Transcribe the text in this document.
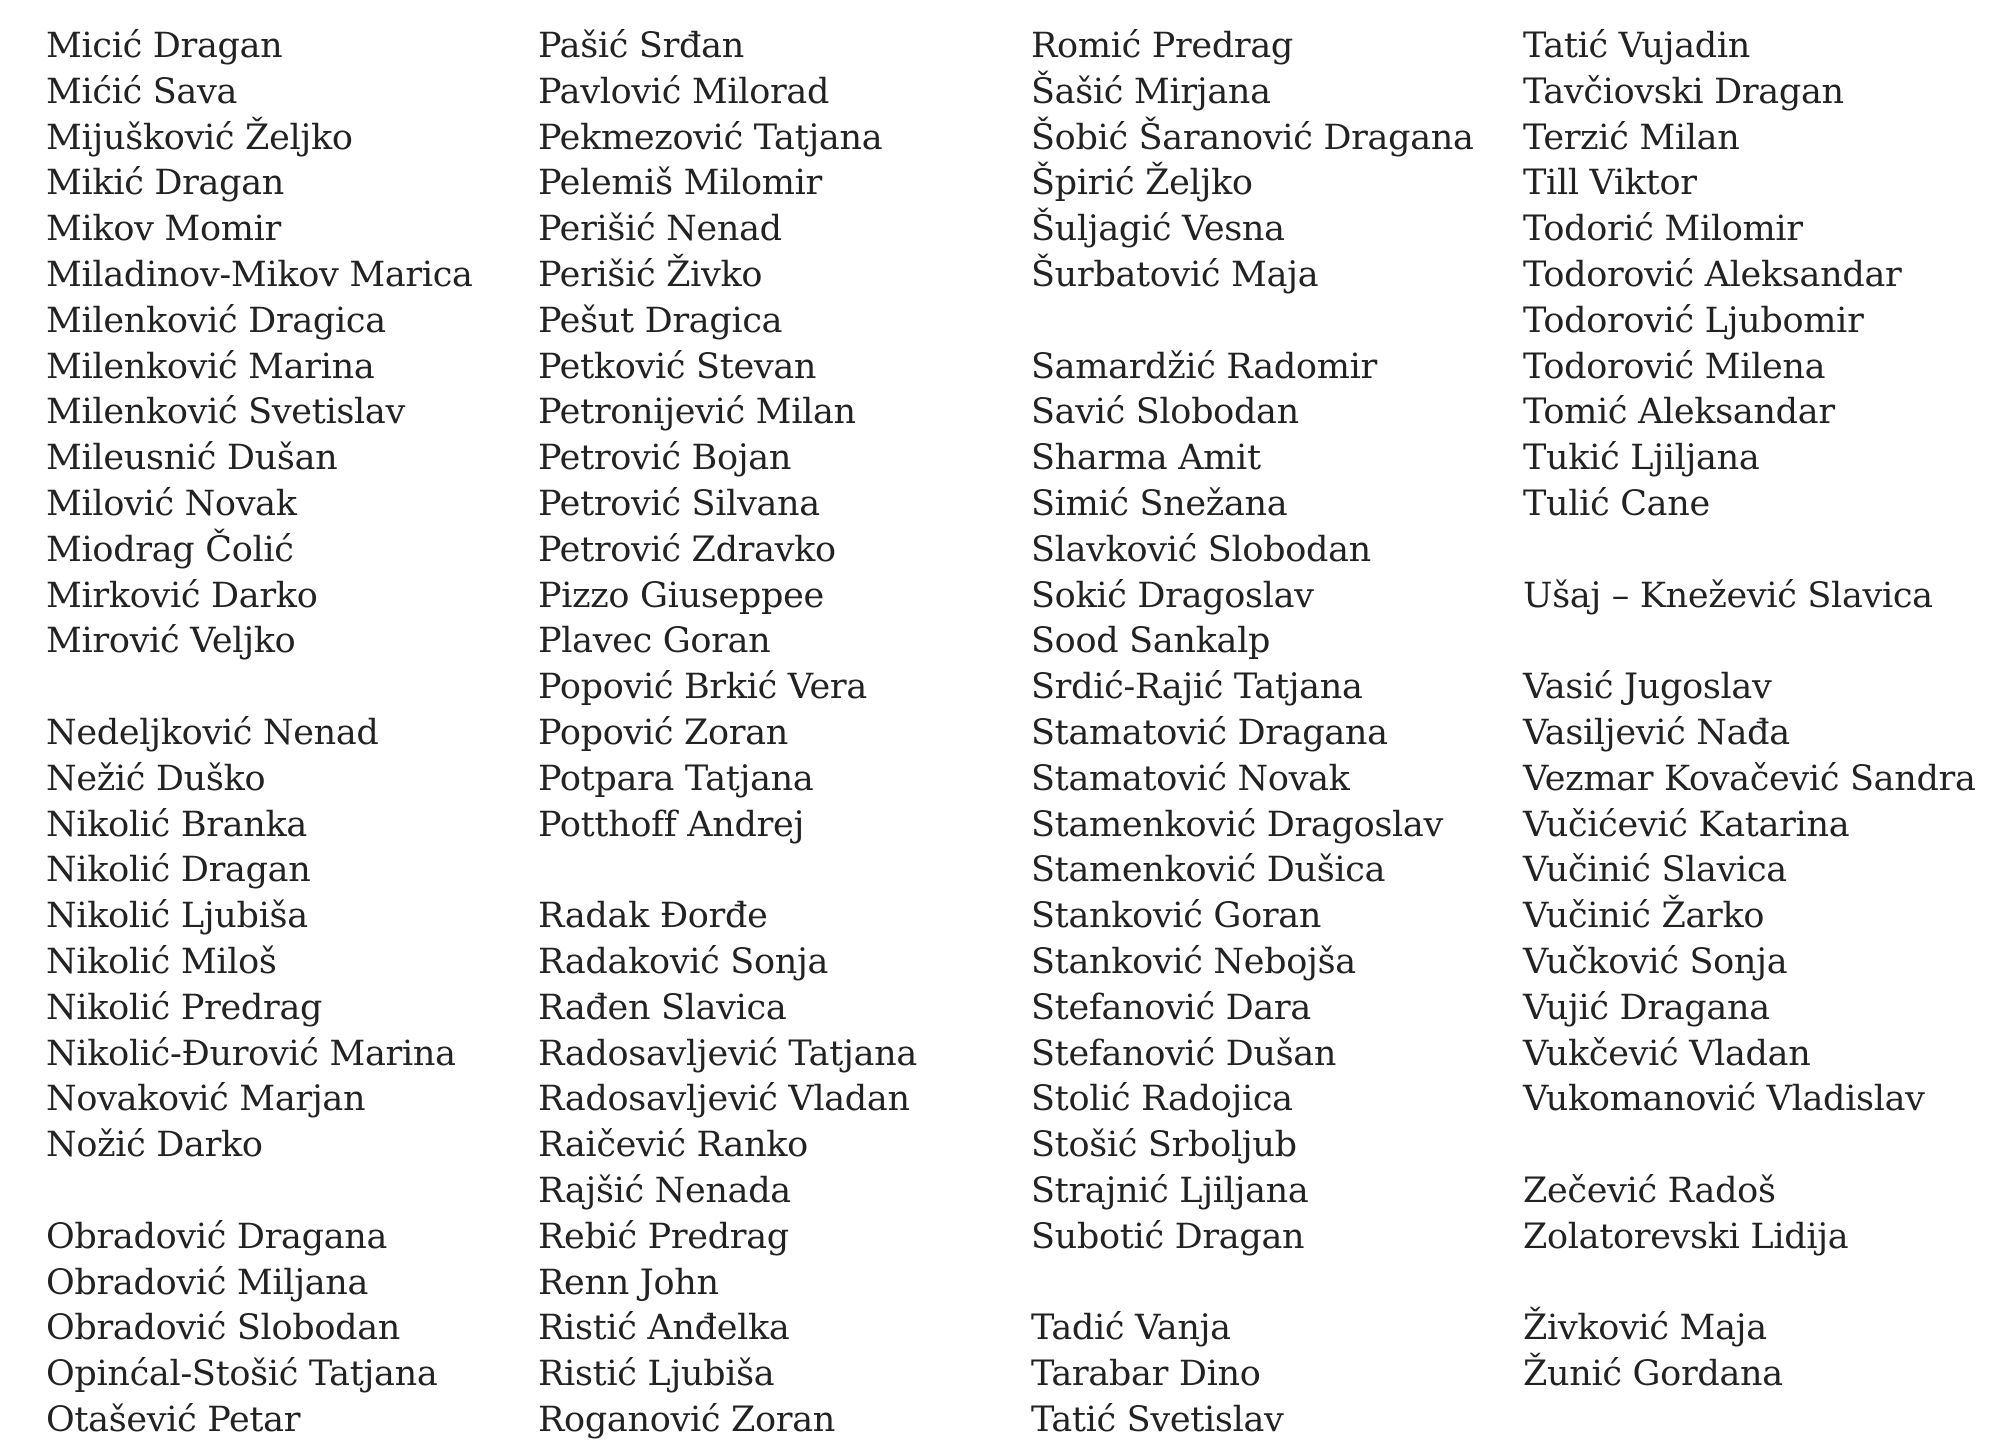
Micić Dragan
Mićić Sava
Mijušković Željko
Mikić Dragan
Mikov Momir
Miladinov-Mikov Marica
Milenković Dragica
Milenković Marina
Milenković Svetislav
Mileusnić Dušan
Milović Novak
Miodrag Čolić
Mirković Darko
Mirović Veljko

Nedeljković Nenad
Nežić Duško
Nikolić Branka
Nikolić Dragan
Nikolić Ljubiša
Nikolić Miloš
Nikolić Predrag
Nikolić-Đurović Marina
Novaković Marjan
Nožić Darko

Obradović Dragana
Obradović Miljana
Obradović Slobodan
Opinćal-Stošić Tatjana
Otašević Petar
Pašić Srđan
Pavlović Milorad
Pekmezović Tatjana
Pelemiš Milomir
Perišić Nenad
Perišić Živko
Pešut Dragica
Petković Stevan
Petronijević Milan
Petrović Bojan
Petrović Silvana
Petrović Zdravko
Pizzo Giuseppee
Plavec Goran
Popović Brkić Vera
Popović Zoran
Potpara Tatjana
Potthoff Andrej

Radak Đorđe
Radaković Sonja
Rađen Slavica
Radosavljević Tatjana
Radosavljević Vladan
Raičević Ranko
Rajšić Nenada
Rebić Predrag
Renn John
Ristić Anđelka
Ristić Ljubiša
Roganović Zoran
Romić Predrag
Šašić Mirjana
Šobić Šaranović Dragana
Špirić Željko
Šuljagić Vesna
Šurbatović Maja

Samardžić Radomir
Savić Slobodan
Sharma Amit
Simić Snežana
Slavković Slobodan
Sokić Dragoslav
Sood Sankalp
Srdić-Rajić Tatjana
Stamatović Dragana
Stamatović Novak
Stamenković Dragoslav
Stamenković Dušica
Stanković Goran
Stanković Nebojša
Stefanović Dara
Stefanović Dušan
Stolić Radojica
Stošić Srboljub
Strajnić Ljiljana
Subotić Dragan

Tadić Vanja
Tarabar Dino
Tatić Svetislav
Tatić Vujadin
Tavčiovski Dragan
Terzić Milan
Till Viktor
Todorić Milomir
Todorović Aleksandar
Todorović Ljubomir
Todorović Milena
Tomić Aleksandar
Tukić Ljiljana
Tulić Cane

Ušaj – Knežević Slavica

Vasić Jugoslav
Vasiljević Nađa
Vezmar Kovačević Sandra
Vučićević Katarina
Vučinić Slavica
Vučinić Žarko
Vučković Sonja
Vujić Dragana
Vukčević Vladan
Vukomanović Vladislav

Zečević Radoš
Zolatorevski Lidija

Živković Maja
Žunić Gordana
